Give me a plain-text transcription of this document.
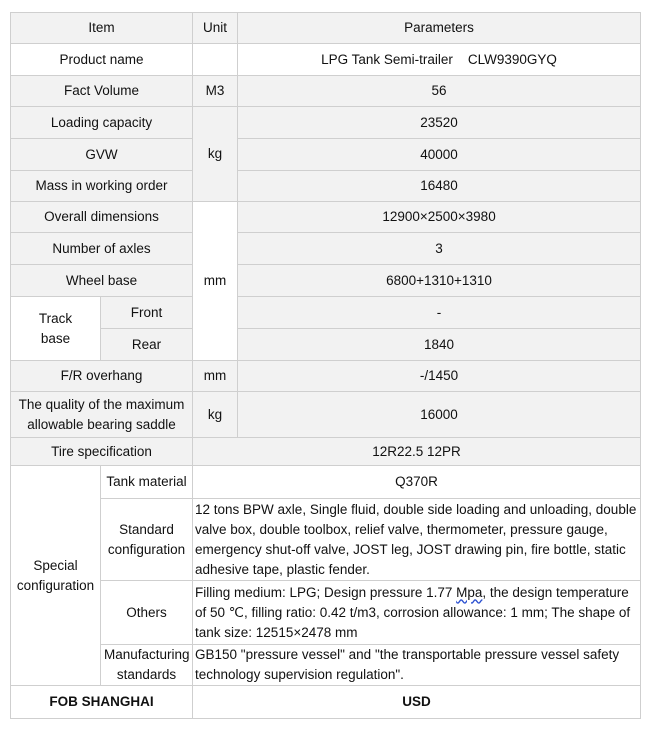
Item		Unit	Parameters
Product name			LPG Tank Semi-trailer    CLW9390GYQ
Fact Volume		M3	56
Loading capacity		kg	23520
GVW			40000
Mass in working order			16480
Overall dimensions		mm	12900×2500×3980
Number of axles			3
Wheel base			6800+1310+1310

Track
base	Front		-
	Rear		1840
F/R overhang		mm	-/1450

The quality of the maximum
allowable bearing saddle		kg	16000
Tire specification		12R22.5 12PR	

Special
configuration	Tank material	Q370R	

	Standard
configuration	12 tons BPW axle, Single fluid, double side loading and unloading, double valve box, double toolbox, relief valve, thermometer, pressure gauge, emergency shut-off valve, JOST leg, JOST drawing pin, fire bottle, static adhesive tape, plastic fender.	
	Others	Filling medium: LPG; Design pressure 1.77 Mpa, the design temperature of 50 ℃, filling ratio: 0.42 t/m3, corrosion allowance: 1 mm; The shape of tank size: 12515×2478 mm	

	Manufacturing
standards	GB150 "pressure vessel" and "the transportable pressure vessel safety technology supervision regulation".	
FOB SHANGHAI		USD	
